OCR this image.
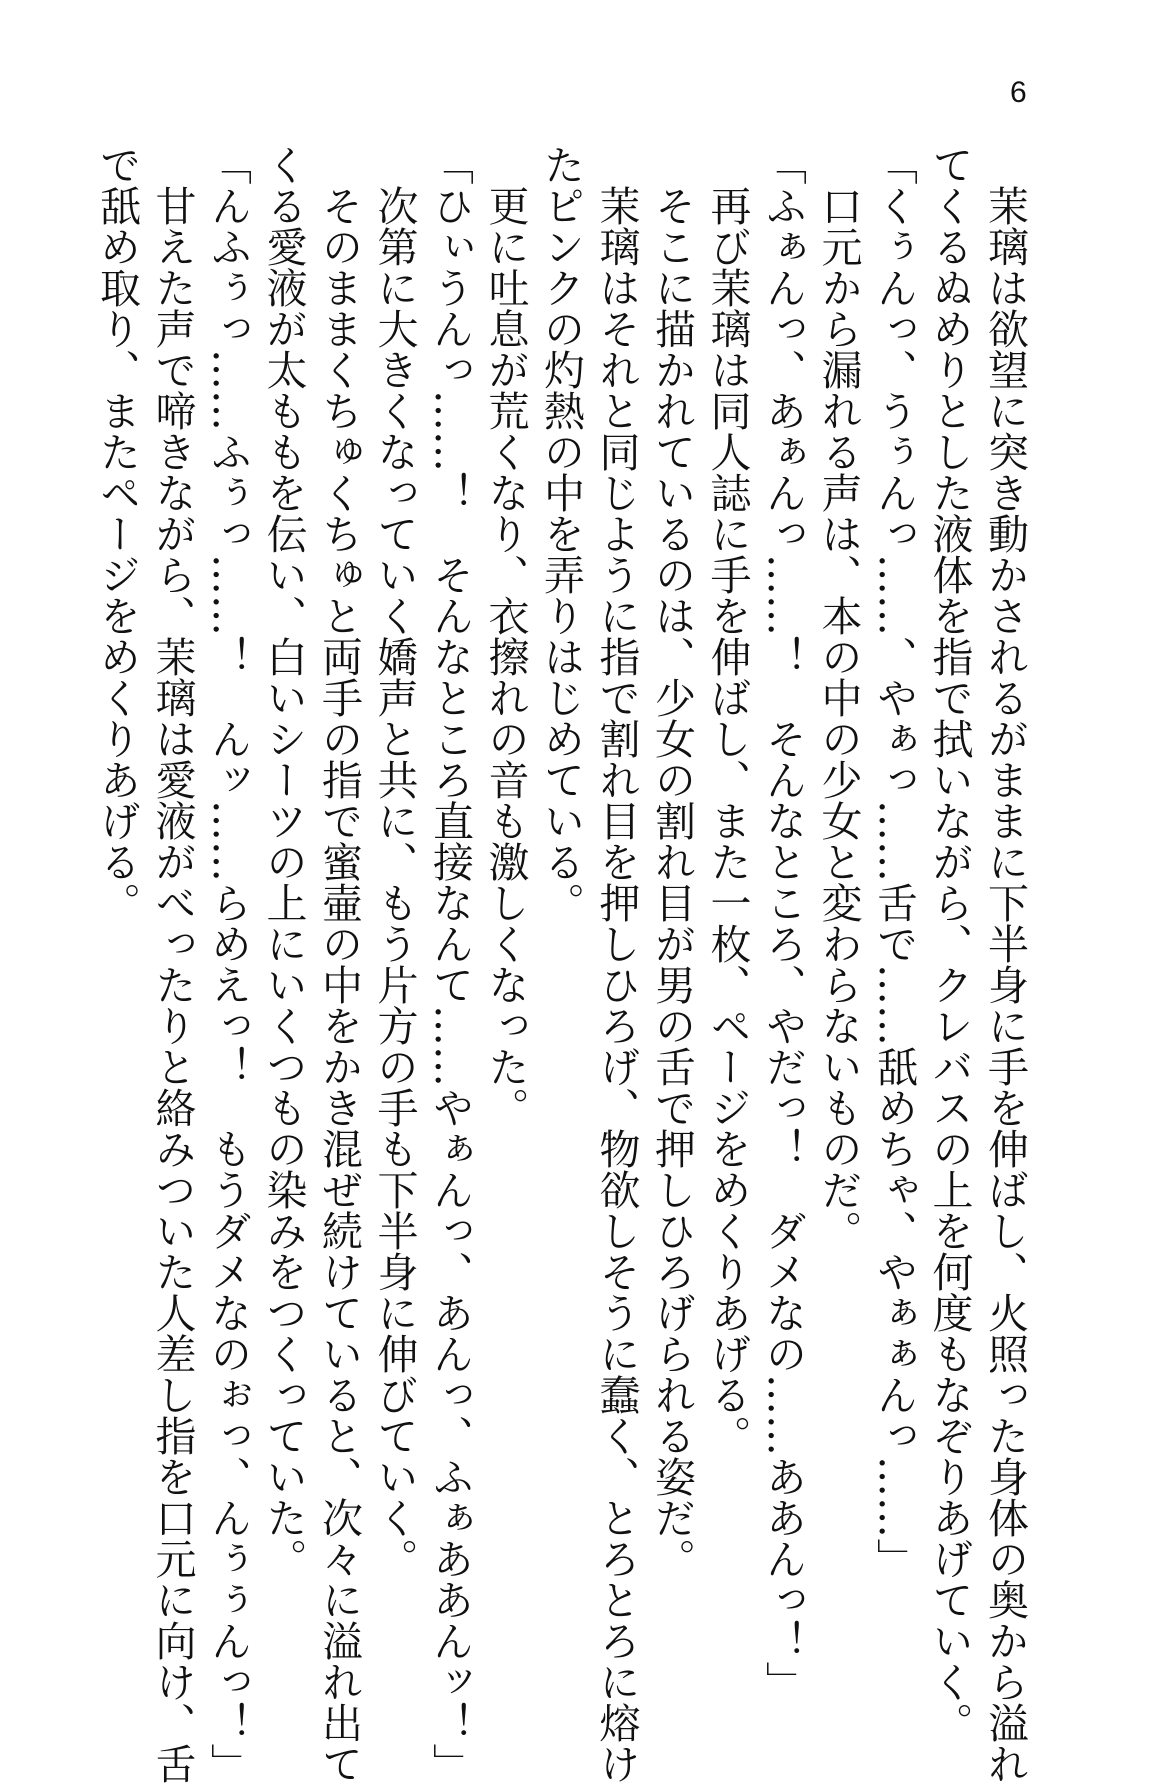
6
　茉璃は欲望に突き動かされるがままに下半身に手を伸ばし、火照った身体の奥から溢れ
てくるぬめりとした液体を指で拭いながら、クレバスの上を何度もなぞりあげていく。
「くぅんっ、うぅんっ……、やぁっ……舌で……舐めちゃ、やぁぁんっ……」
　口元から漏れる声は、本の中の少女と変わらないものだ。
「ふぁんっ、あぁんっ……！　そんなところ、やだっ！　ダメなの……ああんっ！」
　再び茉璃は同人誌に手を伸ばし、また一枚、ページをめくりあげる。
　そこに描かれているのは、少女の割れ目が男の舌で押しひろげられる姿だ。
　茉璃はそれと同じように指で割れ目を押しひろげ、物欲しそうに蠢く、とろとろに熔け
たピンクの灼熱の中を弄りはじめている。
　更に吐息が荒くなり、衣擦れの音も激しくなった。
「ひぃうんっ……！　そんなところ直接なんて……やぁんっ、あんっ、ふぁああんッ！」
　次第に大きくなっていく嬌声と共に、もう片方の手も下半身に伸びていく。
　そのままくちゅくちゅと両手の指で蜜壷の中をかき混ぜ続けていると、次々に溢れ出て
くる愛液が太ももを伝い、白いシーツの上にいくつもの染みをつくっていた。
「んふぅっ……ふぅっ……！　んッ……らめえっ！　もうダメなのぉっ、んぅぅんっ！」
　甘えた声で啼きながら、茉璃は愛液がべったりと絡みついた人差し指を口元に向け、舌
で舐め取り、またページをめくりあげる。
